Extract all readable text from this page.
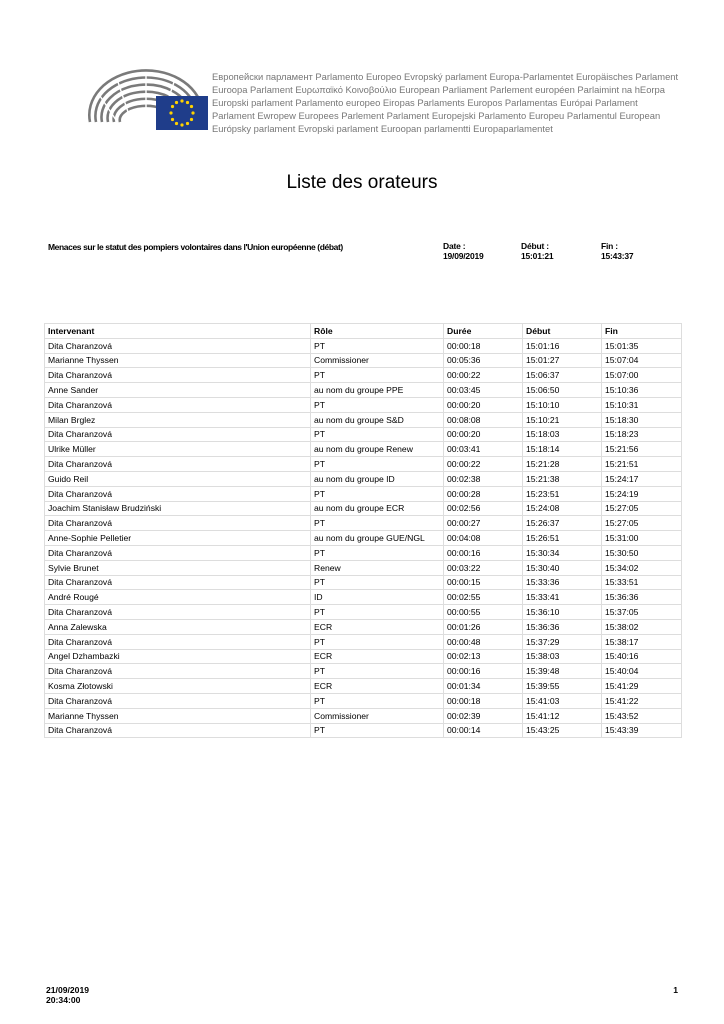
Европейски парламент Parlamento Europeo Evropský parlament Europa-Parlamentet Europäisches Parlament
Euroopa Parlament Ευρωπαϊκό Κοινοβούλιο European Parliament Parlement européen Parlaimint na hEorpa
Europski parlament Parlamento europeo Eiropas Parlaments Europos Parlamentas Európai Parlament
Parlament Ewropew Europees Parlement Parlament Europejski Parlamento Europeu Parlamentul European
Európsky parlament Evropski parlament Euroopan parlamentti Europaparlamentet
Liste des orateurs
Menaces sur le statut des pompiers volontaires dans l'Union européenne (débat)	Date :
19/09/2019
Début :
15:01:21
Fin :
15:43:37
Intervenant	Rôle	Durée	Début	Fin
Dita Charanzová	PT	00:00:18	15:01:16	15:01:35
Marianne Thyssen	Commissioner	00:05:36	15:01:27	15:07:04
Dita Charanzová	PT	00:00:22	15:06:37	15:07:00
Anne Sander	au nom du groupe PPE	00:03:45	15:06:50	15:10:36
Dita Charanzová	PT	00:00:20	15:10:10	15:10:31
Milan Brglez	au nom du groupe S&D	00:08:08	15:10:21	15:18:30
Dita Charanzová	PT	00:00:20	15:18:03	15:18:23
Ulrike Müller	au nom du groupe Renew	00:03:41	15:18:14	15:21:56
Dita Charanzová	PT	00:00:22	15:21:28	15:21:51
Guido Reil	au nom du groupe ID	00:02:38	15:21:38	15:24:17
Dita Charanzová	PT	00:00:28	15:23:51	15:24:19
Joachim Stanisław Brudziński	au nom du groupe ECR	00:02:56	15:24:08	15:27:05
Dita Charanzová	PT	00:00:27	15:26:37	15:27:05
Anne-Sophie Pelletier	au nom du groupe GUE/NGL	00:04:08	15:26:51	15:31:00
Dita Charanzová	PT	00:00:16	15:30:34	15:30:50
Sylvie Brunet	Renew	00:03:22	15:30:40	15:34:02
Dita Charanzová	PT	00:00:15	15:33:36	15:33:51
André Rougé	ID	00:02:55	15:33:41	15:36:36
Dita Charanzová	PT	00:00:55	15:36:10	15:37:05
Anna Zalewska	ECR	00:01:26	15:36:36	15:38:02
Dita Charanzová	PT	00:00:48	15:37:29	15:38:17
Angel Dzhambazki	ECR	00:02:13	15:38:03	15:40:16
Dita Charanzová	PT	00:00:16	15:39:48	15:40:04
Kosma Złotowski	ECR	00:01:34	15:39:55	15:41:29
Dita Charanzová	PT	00:00:18	15:41:03	15:41:22
Marianne Thyssen	Commissioner	00:02:39	15:41:12	15:43:52
Dita Charanzová	PT	00:00:14	15:43:25	15:43:39
21/09/2019
20:34:00
1
